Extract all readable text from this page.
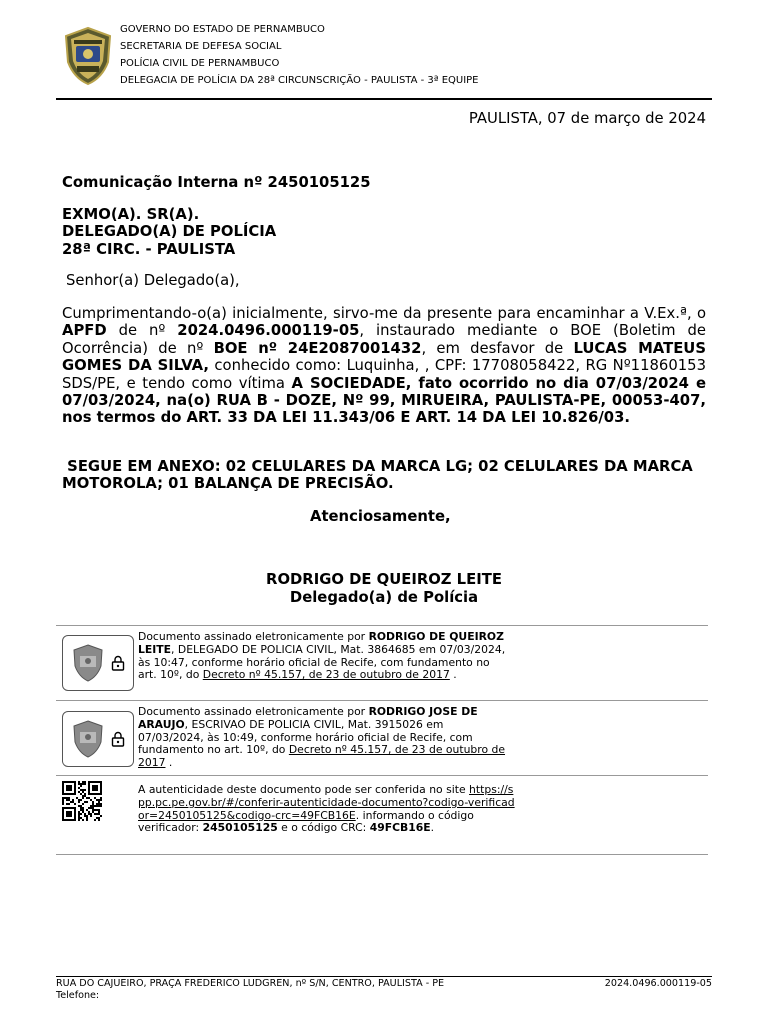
GOVERNO DO ESTADO DE PERNAMBUCO
SECRETARIA DE DEFESA SOCIAL
POLÍCIA CIVIL DE PERNAMBUCO
DELEGACIA DE POLÍCIA DA 28ª CIRCUNSCRIÇÃO - PAULISTA - 3ª EQUIPE
PAULISTA, 07 de março de 2024
Comunicação Interna nº 2450105125
EXMO(A). SR(A).
DELEGADO(A) DE POLÍCIA
28ª CIRC. - PAULISTA
Senhor(a) Delegado(a),
Cumprimentando-o(a) inicialmente, sirvo-me da presente para encaminhar a V.Ex.ª, o APFD de nº 2024.0496.000119-05, instaurado mediante o BOE (Boletim de Ocorrência) de nº BOE nº 24E2087001432, em desfavor de LUCAS MATEUS GOMES DA SILVA, conhecido como: Luquinha, , CPF: 17708058422, RG Nº11860153 SDS/PE, e tendo como vítima A SOCIEDADE, fato ocorrido no dia 07/03/2024 e 07/03/2024, na(o) RUA B - DOZE, Nº 99, MIRUEIRA, PAULISTA-PE, 00053-407, nos termos do ART. 33 DA LEI 11.343/06 E ART. 14 DA LEI 10.826/03.
SEGUE EM ANEXO: 02 CELULARES DA MARCA LG; 02 CELULARES DA MARCA MOTOROLA; 01 BALANÇA DE PRECISÃO.
Atenciosamente,
RODRIGO DE QUEIROZ LEITE
Delegado(a) de Polícia
Documento assinado eletronicamente por RODRIGO DE QUEIROZ LEITE, DELEGADO DE POLICIA CIVIL, Mat. 3864685 em 07/03/2024, às 10:47, conforme horário oficial de Recife, com fundamento no art. 10º, do Decreto nº 45.157, de 23 de outubro de 2017 .
Documento assinado eletronicamente por RODRIGO JOSE DE ARAUJO, ESCRIVAO DE POLICIA CIVIL, Mat. 3915026 em 07/03/2024, às 10:49, conforme horário oficial de Recife, com fundamento no art. 10º, do Decreto nº 45.157, de 23 de outubro de 2017 .
A autenticidade deste documento pode ser conferida no site https://spp.pc.pe.gov.br/#/conferir-autenticidade-documento?codigo-verificador=2450105125&codigo-crc=49FCB16E. informando o código verificador: 2450105125 e o código CRC: 49FCB16E.
RUA DO CAJUEIRO, PRAÇA FREDERICO LUDGREN, nº S/N, CENTRO, PAULISTA - PE
Telefone:
2024.0496.000119-05
